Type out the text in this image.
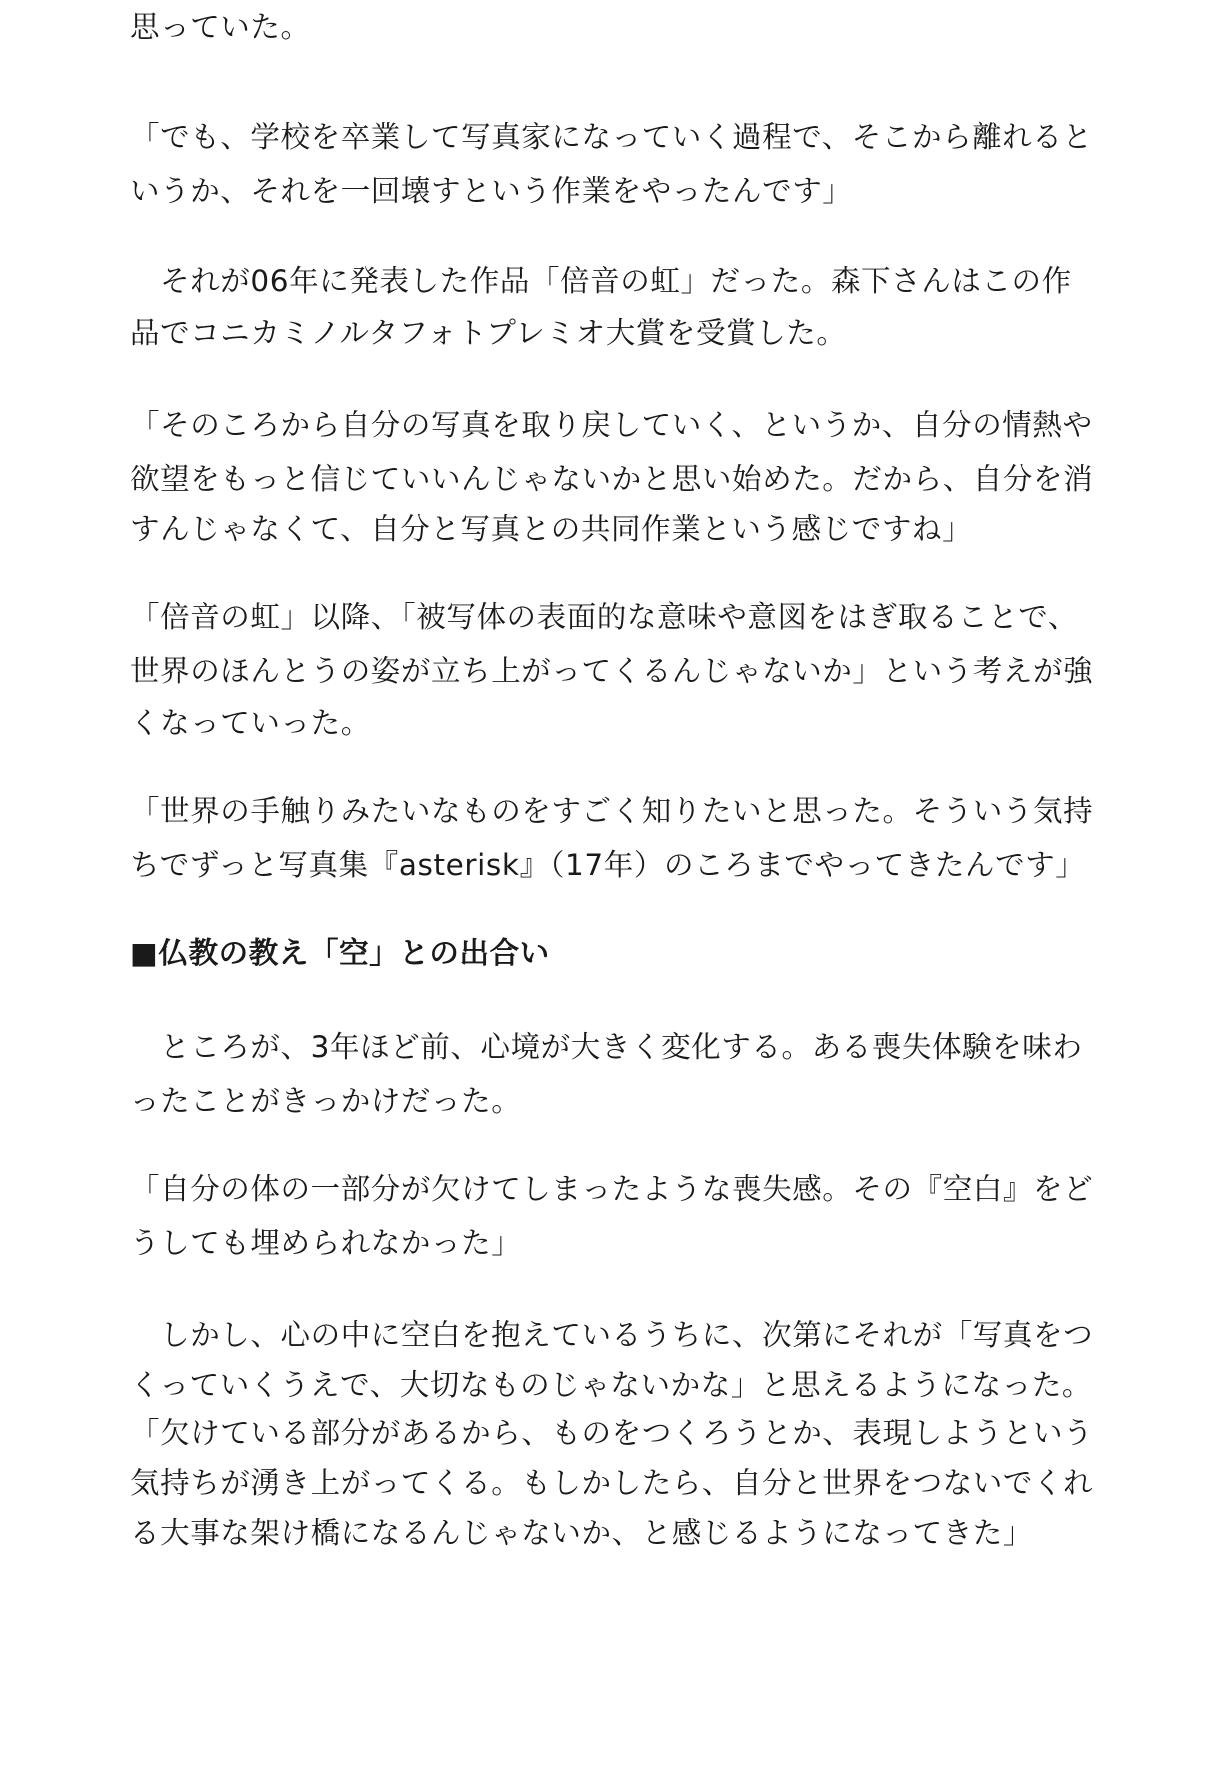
思っていた。
「でも、学校を卒業して写真家になっていく過程で、そこから離れると
いうか、それを一回壊すという作業をやったんです」
　それが06年に発表した作品「倍音の虹」だった。森下さんはこの作
品でコニカミノルタフォトプレミオ大賞を受賞した。
「そのころから自分の写真を取り戻していく、というか、自分の情熱や
欲望をもっと信じていいんじゃないかと思い始めた。だから、自分を消
すんじゃなくて、自分と写真との共同作業という感じですね」
「倍音の虹」以降、「被写体の表面的な意味や意図をはぎ取ることで、
世界のほんとうの姿が立ち上がってくるんじゃないか」という考えが強
くなっていった。
「世界の手触りみたいなものをすごく知りたいと思った。そういう気持
ちでずっと写真集『asterisk』（17年）のころまでやってきたんです」
■仏教の教え「空」との出合い
　ところが、3年ほど前、心境が大きく変化する。ある喪失体験を味わ
ったことがきっかけだった。
「自分の体の一部分が欠けてしまったような喪失感。その『空白』をど
うしても埋められなかった」
　しかし、心の中に空白を抱えているうちに、次第にそれが「写真をつ
くっていくうえで、大切なものじゃないかな」と思えるようになった。
「欠けている部分があるから、ものをつくろうとか、表現しようという
気持ちが湧き上がってくる。もしかしたら、自分と世界をつないでくれ
る大事な架け橋になるんじゃないか、と感じるようになってきた」
